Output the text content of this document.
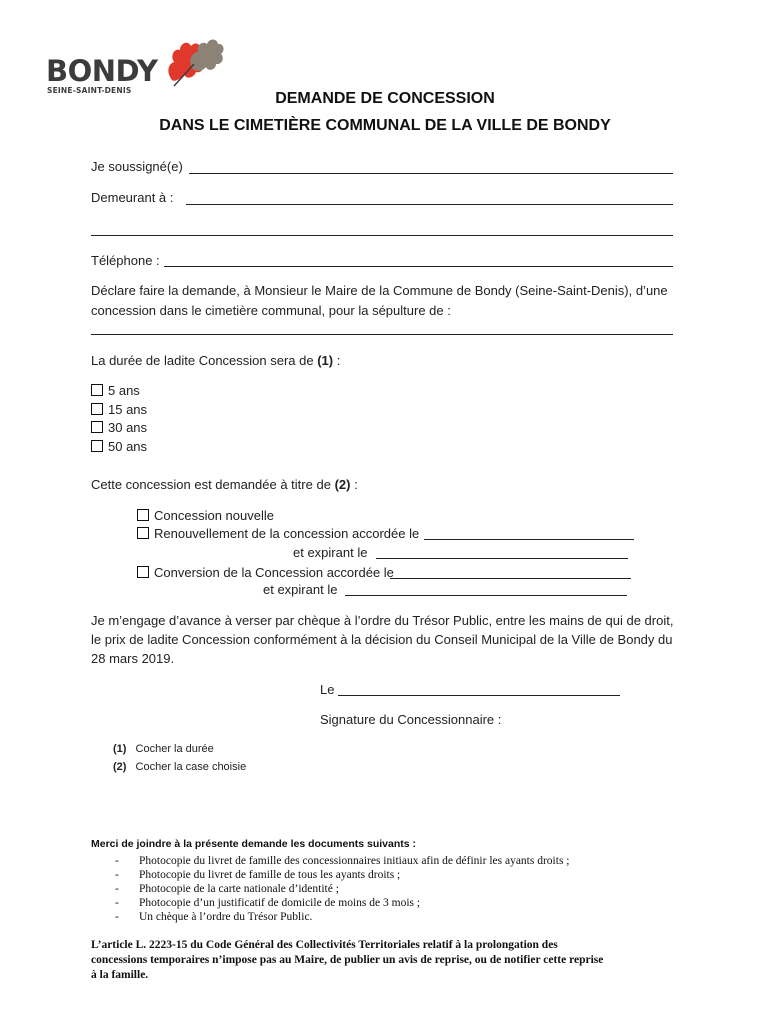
BONDY
SEINE-SAINT-DENIS	DEMANDE DE CONCESSION
DANS LE CIMETIÈRE COMMUNAL DE LA VILLE DE BONDY
Je soussigné(e)
Demeurant à :
Téléphone :
Déclare faire la demande, à Monsieur le Maire de la Commune de Bondy (Seine-Saint-Denis), d’une
concession dans le cimetière communal, pour la sépulture de :
La durée de ladite Concession sera de (1) :
5 ans
15 ans
30 ans
50 ans
Cette concession est demandée à titre de (2) :
Concession nouvelle
Renouvellement de la concession accordée le
et expirant le
Conversion de la Concession accordée le
et expirant le
Je m’engage d’avance à verser par chèque à l’ordre du Trésor Public, entre les mains de qui de droit,
le prix de ladite Concession conformément à la décision du Conseil Municipal de la Ville de Bondy du
28 mars 2019.
Le
Signature du Concessionnaire :
(1) Cocher la durée
(2) Cocher la case choisie
Merci de joindre à la présente demande les documents suivants :
- Photocopie du livret de famille des concessionnaires initiaux afin de définir les ayants droits ;
- Photocopie du livret de famille de tous les ayants droits ;
- Photocopie de la carte nationale d’identité ;
- Photocopie d’un justificatif de domicile de moins de 3 mois ;
- Un chèque à l’ordre du Trésor Public.
L’article L. 2223-15 du Code Général des Collectivités Territoriales relatif à la prolongation des
concessions temporaires n’impose pas au Maire, de publier un avis de reprise, ou de notifier cette reprise
à la famille.
